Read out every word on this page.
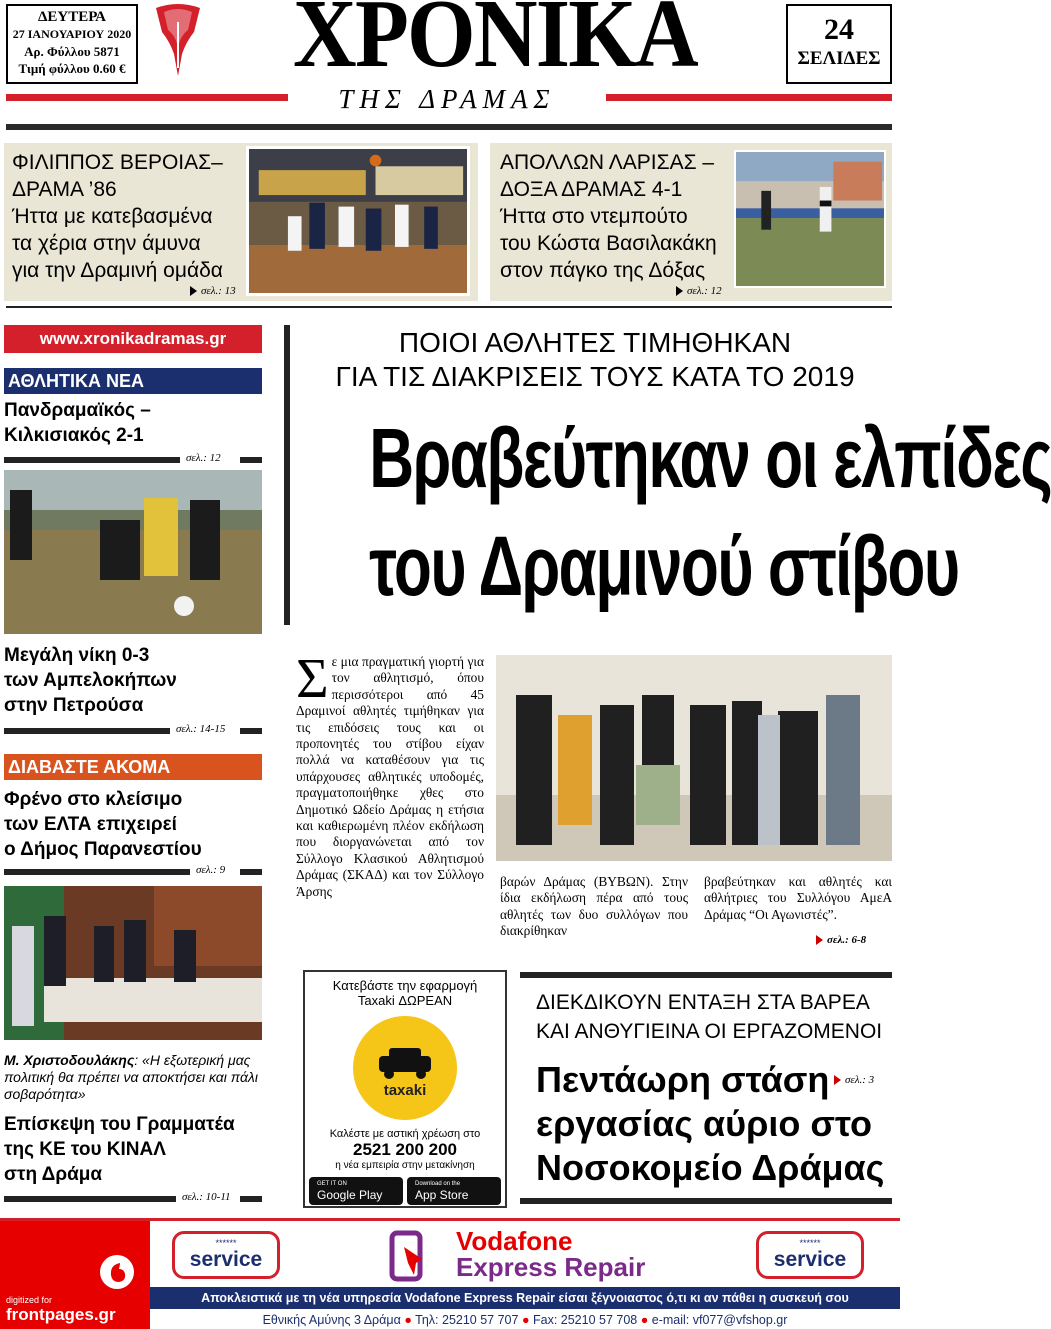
ΔΕΥΤΕΡΑ
27 ΙΑΝΟΥΑΡΙΟΥ 2020
Αρ. Φύλλου 5871
Τιμή φύλλου 0.60 €	ΧΡΟΝΙΚΑ	24
ΣΕΛΙΔΕΣ
ΤΗΣ ΔΡΑΜΑΣ
ΦΙΛΙΠΠΟΣ ΒΕΡΟΙΑΣ–
ΔΡΑΜΑ ’86
Ήττα με κατεβασμένα
τα χέρια στην άμυνα
για την Δραμινή ομάδα
σελ.: 13
ΑΠΟΛΛΩΝ ΛΑΡΙΣΑΣ –
ΔΟΞΑ ΔΡΑΜΑΣ 4-1
Ήττα στο ντεμπούτο
του Κώστα Βασιλακάκη
στον πάγκο της Δόξας
σελ.: 12
www.xronikadramas.gr
ΑΘΛΗΤΙΚΑ ΝΕΑ
Πανδραμαϊκός –
Κιλκισιακός 2-1
σελ.: 12
Μεγάλη νίκη 0-3
των Αμπελοκήπων
στην Πετρούσα
σελ.: 14-15
ΔΙΑΒΑΣΤΕ ΑΚΟΜΑ
Φρένο στο κλείσιμο
των ΕΛΤΑ επιχειρεί
ο Δήμος Παρανεστίου
σελ.: 9
Μ. Χριστοδουλάκης: «Η εξωτερική μας πολιτική θα πρέπει να αποκτήσει και πάλι σοβαρότητα»
Επίσκεψη του Γραμματέα
της ΚΕ του ΚΙΝΑΛ
στη Δράμα
σελ.: 10-11
ΠΟΙΟΙ ΑΘΛΗΤΕΣ ΤΙΜΗΘΗΚΑΝ
ΓΙΑ ΤΙΣ ΔΙΑΚΡΙΣΕΙΣ ΤΟΥΣ ΚΑΤΑ ΤΟ 2019
Βραβεύτηκαν οι ελπίδες
του Δραμινού στίβου
Σ ε μια πραγματική γιορτή για τον αθλητισμό, όπου περισσότεροι από 45 Δραμινοί αθλητές τιμήθηκαν για τις επιδόσεις τους και οι προπονητές του στίβου είχαν πολλά να καταθέσουν για τις υπάρχουσες αθλητικές υποδομές, πραγματοποιήθηκε χθες στο Δημοτικό Ωδείο Δράμας η ετήσια και καθιερωμένη πλέον εκδήλωση που διοργανώνεται από τον Σύλλογο Κλασικού Αθλητισμού Δράμας (ΣΚΑΔ) και τον Σύλλογο Άρσης

βαρών Δράμας (ΒΥΒΩΝ). Στην ίδια εκδήλωση πέρα από τους αθλητές των δυο συλλόγων που διακρίθηκαν

βραβεύτηκαν και αθλητές και αθλήτριες του Συλλόγου ΑμεΑ Δράμας “Οι Αγωνιστές”.

σελ.: 6-8
Κατεβάστε την εφαρμογή
Taxaki ΔΩΡΕΑΝ
taxaki
Καλέστε με αστική χρέωση στο
2521 200 200
η νέα εμπειρία στην μετακίνηση
GET IT ON
Google Play
Download on the
App Store
ΔΙΕΚΔΙΚΟΥΝ ΕΝΤΑΞΗ ΣΤΑ ΒΑΡΕΑ
ΚΑΙ ΑΝΘΥΓΙΕΙΝΑ ΟΙ ΕΡΓΑΖΟΜΕΝΟΙ
Πεντάωρη στάση
εργασίας αύριο στο
Νοσοκομείο Δράμας
σελ.: 3
******
service
Vodafone
Express Repair
******
service
Αποκλειστικά με τη νέα υπηρεσία Vodafone Express Repair είσαι ξέγνοιαστος ό,τι κι αν πάθει η συσκευή σου
Εθνικής Αμύνης 3 Δράμα ● Τηλ: 25210 57 707 ● Fax: 25210 57 708 ● e-mail: vf077@vfshop.gr
digitized for
frontpages.gr
